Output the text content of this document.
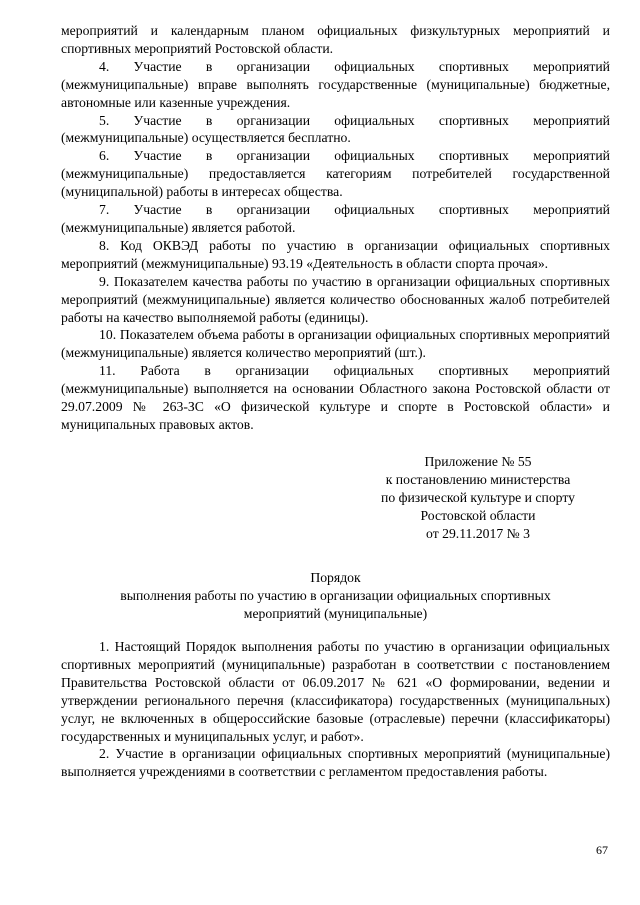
мероприятий и календарным планом официальных физкультурных мероприятий и спортивных мероприятий Ростовской области.

4. Участие в организации официальных спортивных мероприятий (межмуниципальные) вправе выполнять государственные (муниципальные) бюджетные, автономные или казенные учреждения.

5. Участие в организации официальных спортивных мероприятий (межмуниципальные) осуществляется бесплатно.

6. Участие в организации официальных спортивных мероприятий (межмуниципальные) предоставляется категориям потребителей государственной (муниципальной) работы в интересах общества.

7. Участие в организации официальных спортивных мероприятий (межмуниципальные) является работой.

8. Код ОКВЭД работы по участию в организации официальных спортивных мероприятий (межмуниципальные) 93.19 «Деятельность в области спорта прочая».

9. Показателем качества работы по участию в организации официальных спортивных мероприятий (межмуниципальные) является количество обоснованных жалоб потребителей работы на качество выполняемой работы (единицы).

10. Показателем объема работы в организации официальных спортивных мероприятий (межмуниципальные) является количество мероприятий (шт.).

11. Работа в организации официальных спортивных мероприятий (межмуниципальные) выполняется на основании Областного закона Ростовской области от 29.07.2009 № 263-ЗС «О физической культуре и спорте в Ростовской области» и муниципальных правовых актов.

Приложение № 55
к постановлению министерства
по физической культуре и спорту
Ростовской области
от 29.11.2017 № 3
Порядок
выполнения работы по участию в организации официальных спортивных
мероприятий (муниципальные)

1. Настоящий Порядок выполнения работы по участию в организации официальных спортивных мероприятий (муниципальные) разработан в соответствии с постановлением Правительства Ростовской области от 06.09.2017 № 621 «О формировании, ведении и утверждении регионального перечня (классификатора) государственных (муниципальных) услуг, не включенных в общероссийские базовые (отраслевые) перечни (классификаторы) государственных и муниципальных услуг, и работ».

2. Участие в организации официальных спортивных мероприятий (муниципальные) выполняется учреждениями в соответствии с регламентом предоставления работы.

67
